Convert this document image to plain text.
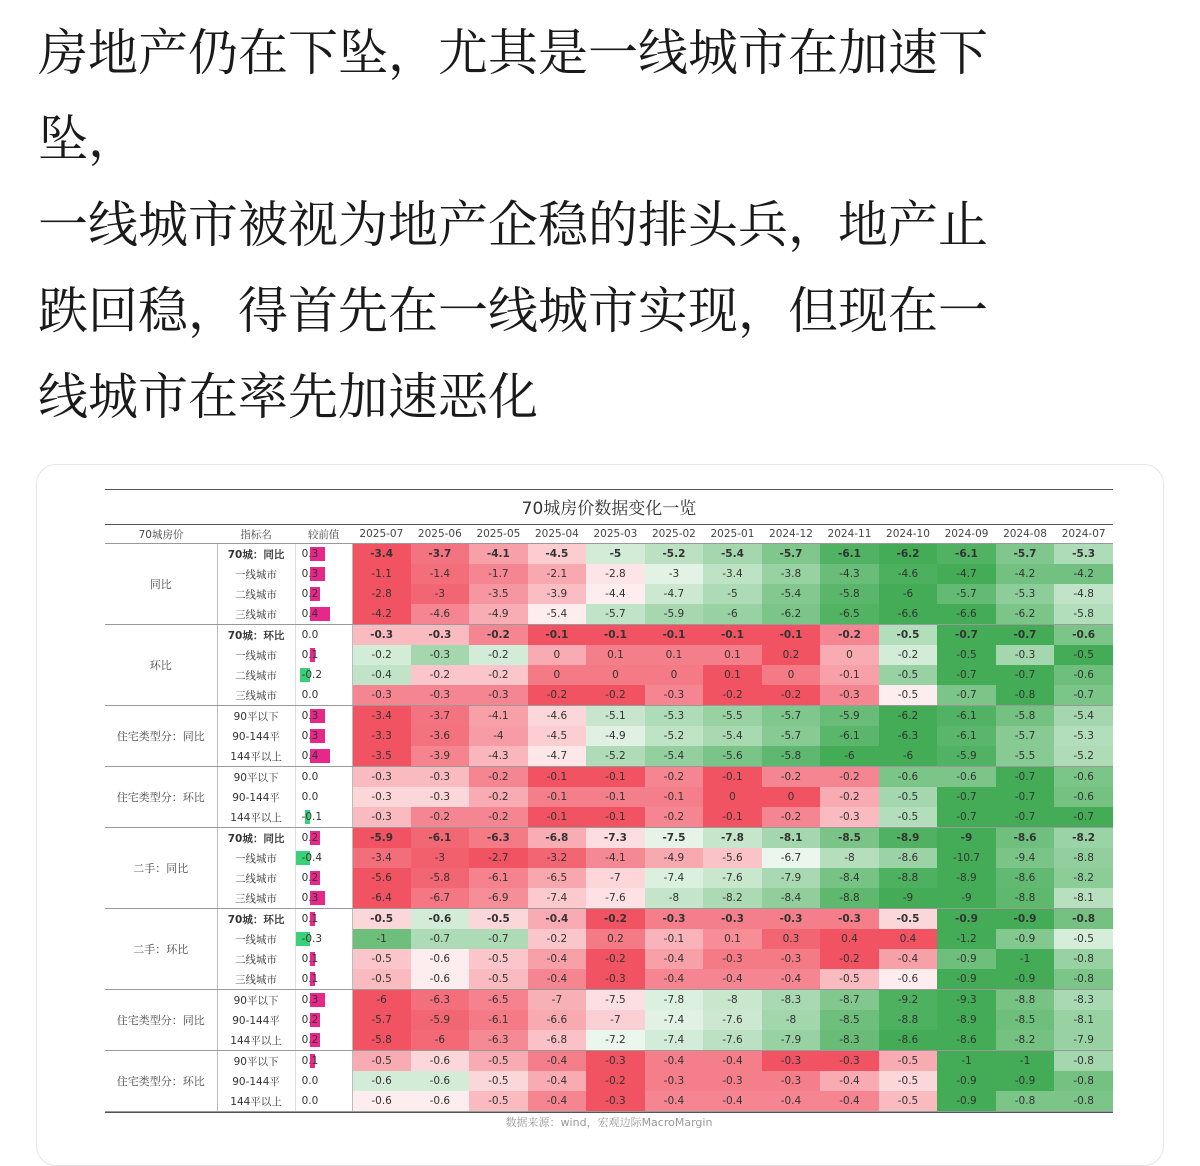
房地产仍在下坠，尤其是一线城市在加速下
坠，
一线城市被视为地产企稳的排头兵，地产止
跌回稳，得首先在一线城市实现，但现在一
线城市在率先加速恶化
70城房价数据变化一览
70城房价	指标名	较前值	2025-07	2025-06	2025-05	2025-04	2025-03	2025-02	2025-01	2024-12	2024-11	2024-10	2024-09	2024-08	2024-07
同比	70城：同比	0.3	-3.4	-3.7	-4.1	-4.5	-5	-5.2	-5.4	-5.7	-6.1	-6.2	-6.1	-5.7	-5.3
	一线城市	0.3	-1.1	-1.4	-1.7	-2.1	-2.8	-3	-3.4	-3.8	-4.3	-4.6	-4.7	-4.2	-4.2
	二线城市	0.2	-2.8	-3	-3.5	-3.9	-4.4	-4.7	-5	-5.4	-5.8	-6	-5.7	-5.3	-4.8
	三线城市	0.4	-4.2	-4.6	-4.9	-5.4	-5.7	-5.9	-6	-6.2	-6.5	-6.6	-6.6	-6.2	-5.8
环比	70城：环比	0.0	-0.3	-0.3	-0.2	-0.1	-0.1	-0.1	-0.1	-0.1	-0.2	-0.5	-0.7	-0.7	-0.6
	一线城市	0.1	-0.2	-0.3	-0.2	0	0.1	0.1	0.1	0.2	0	-0.2	-0.5	-0.3	-0.5
	二线城市	-0.2	-0.4	-0.2	-0.2	0	0	0	0.1	0	-0.1	-0.5	-0.7	-0.7	-0.6
	三线城市	0.0	-0.3	-0.3	-0.3	-0.2	-0.2	-0.3	-0.2	-0.2	-0.3	-0.5	-0.7	-0.8	-0.7
住宅类型分：同比	90平以下	0.3	-3.4	-3.7	-4.1	-4.6	-5.1	-5.3	-5.5	-5.7	-5.9	-6.2	-6.1	-5.8	-5.4
	90-144平	0.3	-3.3	-3.6	-4	-4.5	-4.9	-5.2	-5.4	-5.7	-6.1	-6.3	-6.1	-5.7	-5.3
	144平以上	0.4	-3.5	-3.9	-4.3	-4.7	-5.2	-5.4	-5.6	-5.8	-6	-6	-5.9	-5.5	-5.2
住宅类型分：环比	90平以下	0.0	-0.3	-0.3	-0.2	-0.1	-0.1	-0.2	-0.1	-0.2	-0.2	-0.6	-0.6	-0.7	-0.6
	90-144平	0.0	-0.3	-0.3	-0.2	-0.1	-0.1	-0.1	0	0	-0.2	-0.5	-0.7	-0.7	-0.6
	144平以上	-0.1	-0.3	-0.2	-0.2	-0.1	-0.1	-0.2	-0.1	-0.2	-0.3	-0.5	-0.7	-0.7	-0.7
二手：同比	70城：同比	0.2	-5.9	-6.1	-6.3	-6.8	-7.3	-7.5	-7.8	-8.1	-8.5	-8.9	-9	-8.6	-8.2
	一线城市	-0.4	-3.4	-3	-2.7	-3.2	-4.1	-4.9	-5.6	-6.7	-8	-8.6	-10.7	-9.4	-8.8
	二线城市	0.2	-5.6	-5.8	-6.1	-6.5	-7	-7.4	-7.6	-7.9	-8.4	-8.8	-8.9	-8.6	-8.2
	三线城市	0.3	-6.4	-6.7	-6.9	-7.4	-7.6	-8	-8.2	-8.4	-8.8	-9	-9	-8.8	-8.1
二手：环比	70城：环比	0.1	-0.5	-0.6	-0.5	-0.4	-0.2	-0.3	-0.3	-0.3	-0.3	-0.5	-0.9	-0.9	-0.8
	一线城市	-0.3	-1	-0.7	-0.7	-0.2	0.2	-0.1	0.1	0.3	0.4	0.4	-1.2	-0.9	-0.5
	二线城市	0.1	-0.5	-0.6	-0.5	-0.4	-0.2	-0.4	-0.3	-0.3	-0.2	-0.4	-0.9	-1	-0.8
	三线城市	0.1	-0.5	-0.6	-0.5	-0.4	-0.3	-0.4	-0.4	-0.4	-0.5	-0.6	-0.9	-0.9	-0.8
住宅类型分：同比	90平以下	0.3	-6	-6.3	-6.5	-7	-7.5	-7.8	-8	-8.3	-8.7	-9.2	-9.3	-8.8	-8.3
	90-144平	0.2	-5.7	-5.9	-6.1	-6.6	-7	-7.4	-7.6	-8	-8.5	-8.8	-8.9	-8.5	-8.1
	144平以上	0.2	-5.8	-6	-6.3	-6.8	-7.2	-7.4	-7.6	-7.9	-8.3	-8.6	-8.6	-8.2	-7.9
住宅类型分：环比	90平以下	0.1	-0.5	-0.6	-0.5	-0.4	-0.3	-0.4	-0.4	-0.3	-0.3	-0.5	-1	-1	-0.8
	90-144平	0.0	-0.6	-0.6	-0.5	-0.4	-0.2	-0.3	-0.3	-0.3	-0.4	-0.5	-0.9	-0.9	-0.8
	144平以上	0.0	-0.6	-0.6	-0.5	-0.4	-0.3	-0.4	-0.4	-0.4	-0.4	-0.5	-0.9	-0.8	-0.8
数据来源：wind，宏观边际MacroMargin
